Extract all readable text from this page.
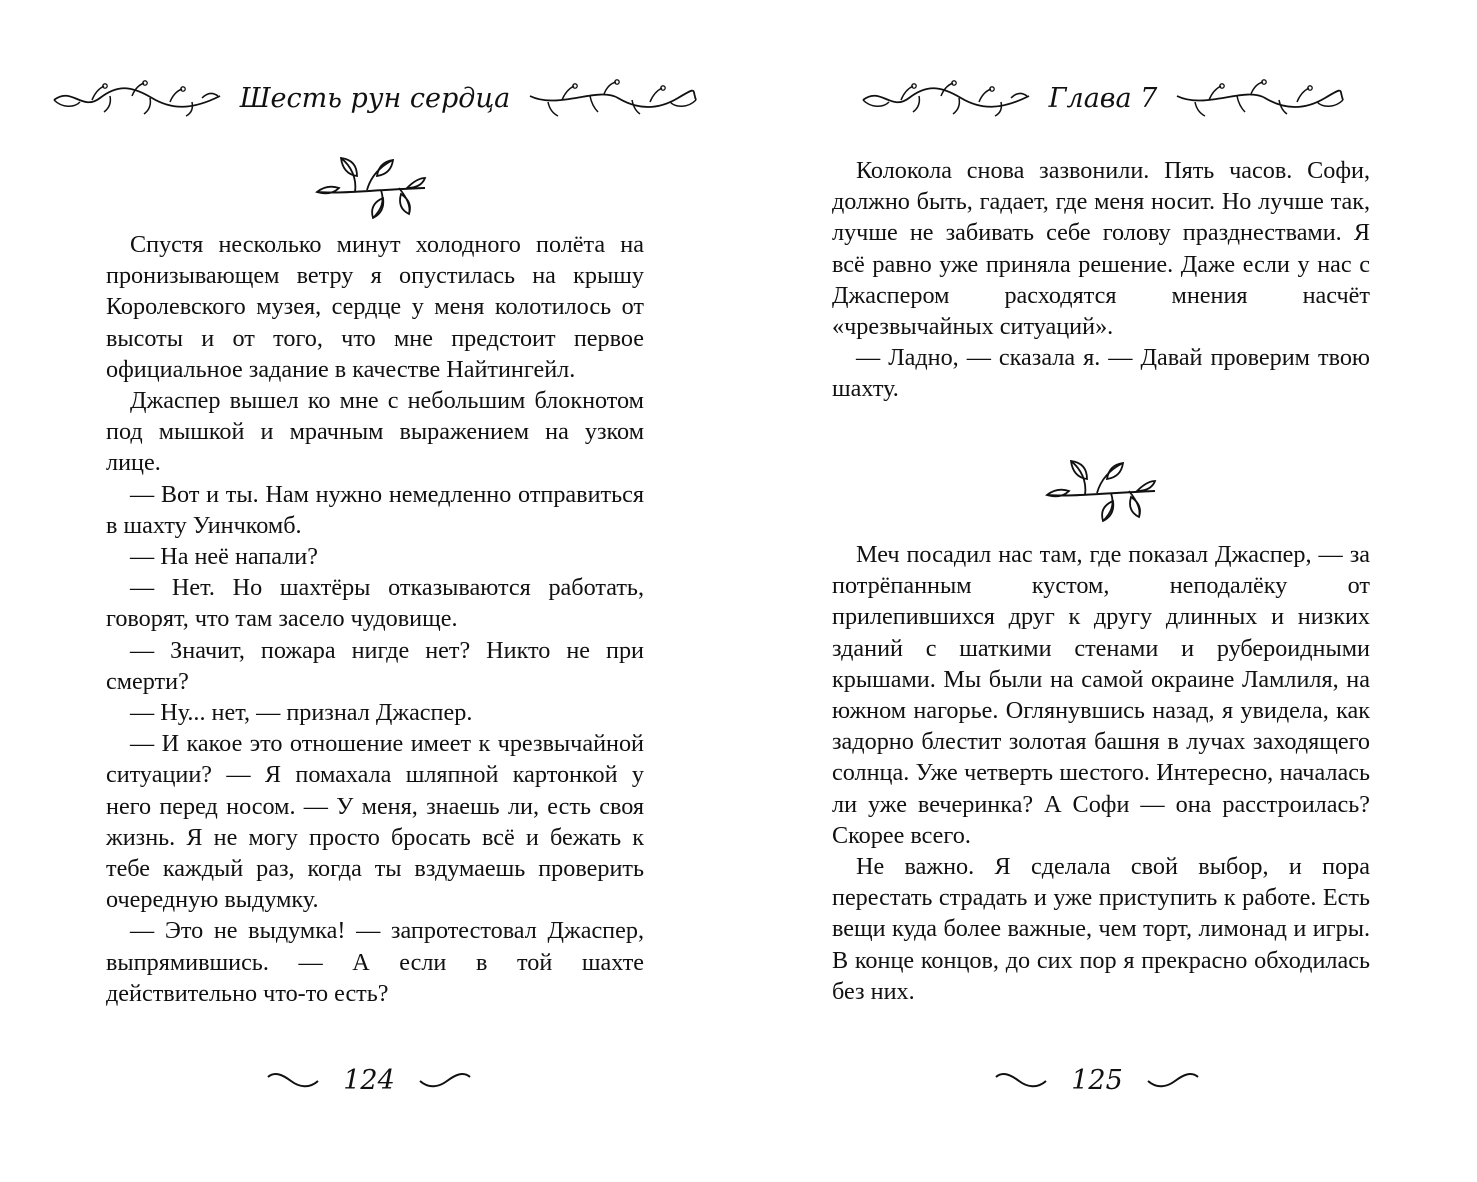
Шесть рун сердца

Спустя несколько минут холодного полёта на пронизывающем ветру я опустилась на крышу Королевского музея, сердце у меня колотилось от высоты и от того, что мне предстоит первое официальное задание в качестве Найтингейл.

Джаспер вышел ко мне с небольшим блокнотом под мышкой и мрачным выражением на узком лице.

— Вот и ты. Нам нужно немедленно отправиться в шахту Уинчкомб.

— На неё напали?

— Нет. Но шахтёры отказываются работать, говорят, что там засело чудовище.

— Значит, пожара нигде нет? Никто не при смерти?

— Ну... нет, — признал Джаспер.

— И какое это отношение имеет к чрезвычайной ситуации? — Я помахала шляпной картонкой у него перед носом. — У меня, знаешь ли, есть своя жизнь. Я не могу просто бросать всё и бежать к тебе каждый раз, когда ты вздумаешь проверить очередную выдумку.

— Это не выдумка! — запротестовал Джаспер, выпрямившись. — А если в той шахте действительно что-то есть?

124
Глава 7

Колокола снова зазвонили. Пять часов. Софи, должно быть, гадает, где меня носит. Но лучше так, лучше не забивать себе голову празднествами. Я всё равно уже приняла решение. Даже если у нас с Джаспером расходятся мнения насчёт «чрезвычайных ситуаций».

— Ладно, — сказала я. — Давай проверим твою шахту.

Меч посадил нас там, где показал Джаспер, — за потрёпанным кустом, неподалёку от прилепившихся друг к другу длинных и низких зданий с шаткими стенами и рубероидными крышами. Мы были на самой окраине Ламлиля, на южном нагорье. Оглянувшись назад, я увидела, как задорно блестит золотая башня в лучах заходящего солнца. Уже четверть шестого. Интересно, началась ли уже вечеринка? А Софи — она расстроилась? Скорее всего.

Не важно. Я сделала свой выбор, и пора перестать страдать и уже приступить к работе. Есть вещи куда более важные, чем торт, лимонад и игры. В конце концов, до сих пор я прекрасно обходилась без них.

125
